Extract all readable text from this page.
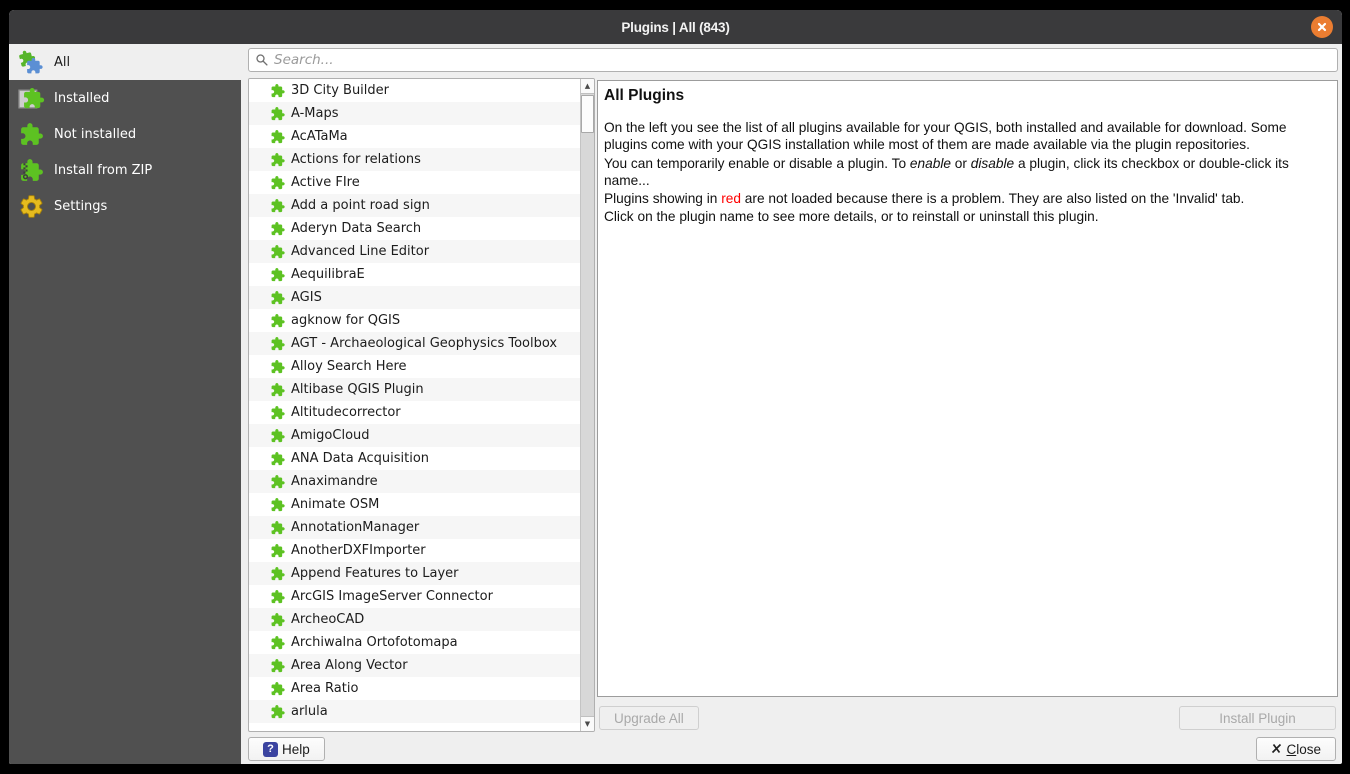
Plugins | All (843)
All
Installed
Not installed
Install from ZIP
Settings
Search...
3D City Builder
A-Maps
AcATaMa
Actions for relations
Active FIre
Add a point road sign
Aderyn Data Search
Advanced Line Editor
AequilibraE
AGIS
agknow for QGIS
AGT - Archaeological Geophysics Toolbox
Alloy Search Here
Altibase QGIS Plugin
Altitudecorrector
AmigoCloud
ANA Data Acquisition
Anaximandre
Animate OSM
AnnotationManager
AnotherDXFImporter
Append Features to Layer
ArcGIS ImageServer Connector
ArcheoCAD
Archiwalna Ortofotomapa
Area Along Vector
Area Ratio
arlula
▲
▼
All Plugins

On the left you see the list of all plugins available for your QGIS, both installed and available for download. Some plugins come with your QGIS installation while most of them are made available via the plugin repositories.

You can temporarily enable or disable a plugin. To enable or disable a plugin, click its checkbox or double-click its name...

Plugins showing in red are not loaded because there is a problem. They are also listed on the 'Invalid' tab.

Click on the plugin name to see more details, or to reinstall or uninstall this plugin.

Upgrade All	Install Plugin
?
Help	Close
